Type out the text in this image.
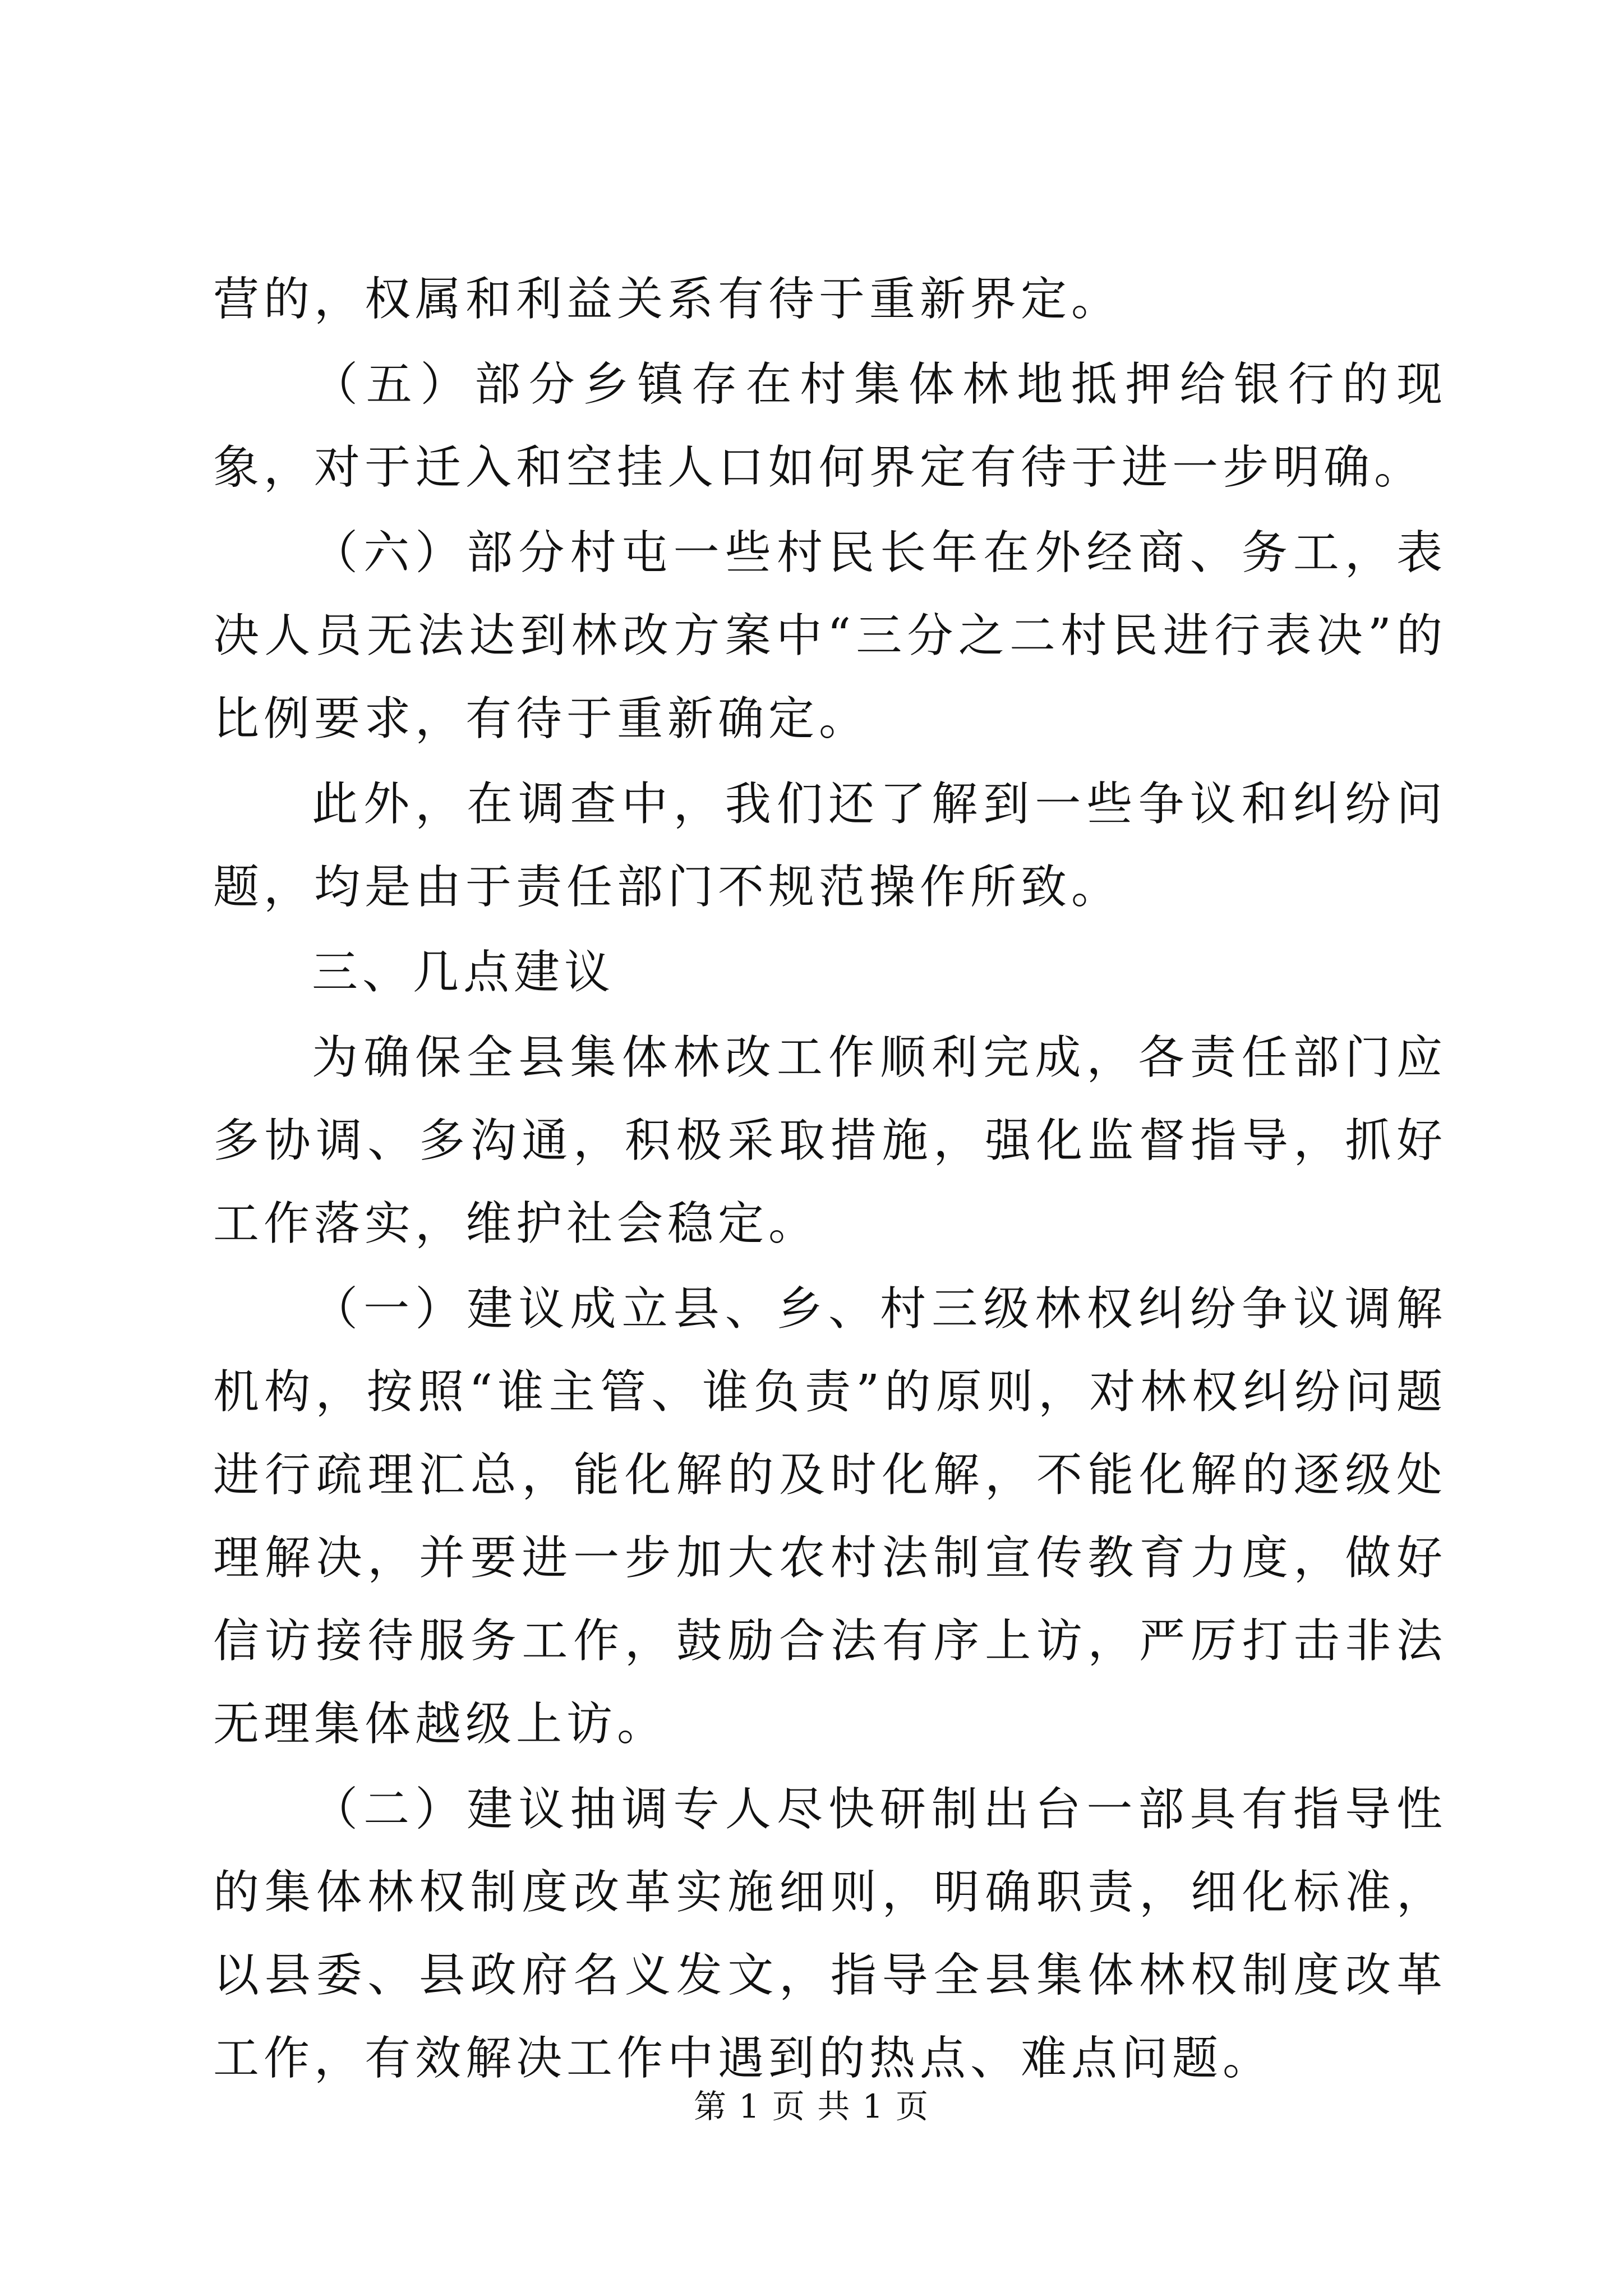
营的，权属和利益关系有待于重新界定。

（五）部分乡镇存在村集体林地抵押给银行的现象，对于迁入和空挂人口如何界定有待于进一步明确。

（六）部分村屯一些村民长年在外经商、务工，表决人员无法达到林改方案中“三分之二村民进行表决”的比例要求，有待于重新确定。

此外，在调查中，我们还了解到一些争议和纠纷问题，均是由于责任部门不规范操作所致。

三、几点建议

为确保全县集体林改工作顺利完成，各责任部门应多协调、多沟通，积极采取措施，强化监督指导，抓好工作落实，维护社会稳定。

（一）建议成立县、乡、村三级林权纠纷争议调解机构，按照“谁主管、谁负责”的原则，对林权纠纷问题进行疏理汇总，能化解的及时化解，不能化解的逐级处理解决，并要进一步加大农村法制宣传教育力度，做好信访接待服务工作，鼓励合法有序上访，严厉打击非法无理集体越级上访。

（二）建议抽调专人尽快研制出台一部具有指导性的集体林权制度改革实施细则，明确职责，细化标准，以县委、县政府名义发文，指导全县集体林权制度改革工作，有效解决工作中遇到的热点、难点问题。

第 1 页 共 1 页
